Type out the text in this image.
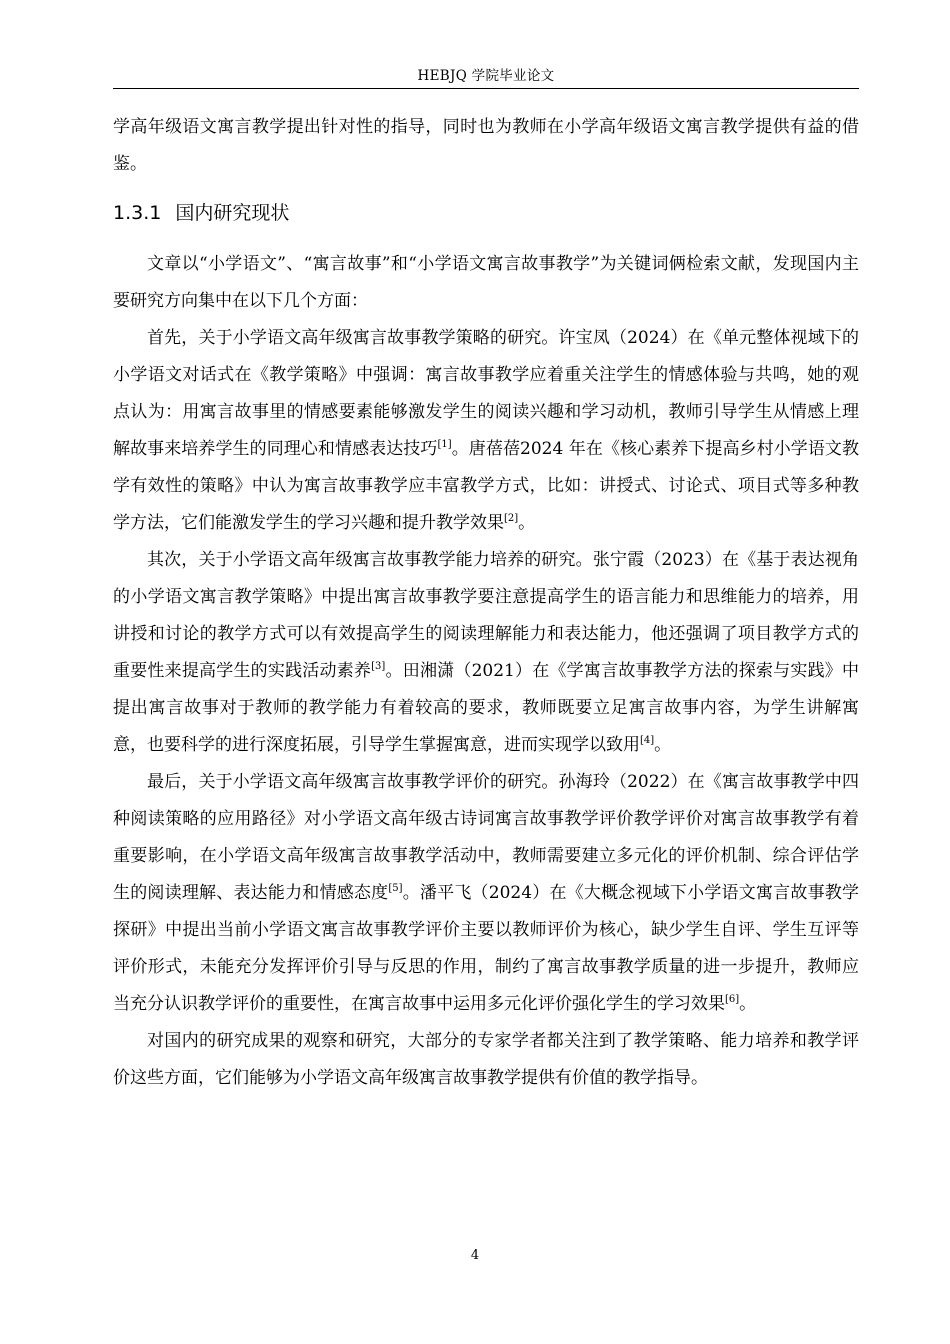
HEBJQ 学院毕业论文

学高年级语文寓言教学提出针对性的指导，同时也为教师在小学高年级语文寓言教学提供有益的借鉴。

1.3.1 国内研究现状

文章以“小学语文”、“寓言故事”和“小学语文寓言故事教学”为关键词俩检索文献，发现国内主要研究方向集中在以下几个方面：

首先，关于小学语文高年级寓言故事教学策略的研究。许宝凤（2024）在《单元整体视域下的小学语文对话式在《教学策略》中强调：寓言故事教学应着重关注学生的情感体验与共鸣，她的观点认为：用寓言故事里的情感要素能够激发学生的阅读兴趣和学习动机，教师引导学生从情感上理解故事来培养学生的同理心和情感表达技巧[1]。唐蓓蓓2024 年在《核心素养下提高乡村小学语文教学有效性的策略》中认为寓言故事教学应丰富教学方式，比如：讲授式、讨论式、项目式等多种教学方法，它们能激发学生的学习兴趣和提升教学效果[2]。

其次，关于小学语文高年级寓言故事教学能力培养的研究。张宁霞（2023）在《基于表达视角的小学语文寓言教学策略》中提出寓言故事教学要注意提高学生的语言能力和思维能力的培养，用讲授和讨论的教学方式可以有效提高学生的阅读理解能力和表达能力，他还强调了项目教学方式的重要性来提高学生的实践活动素养[3]。田湘潇（2021）在《学寓言故事教学方法的探索与实践》中提出寓言故事对于教师的教学能力有着较高的要求，教师既要立足寓言故事内容，为学生讲解寓意，也要科学的进行深度拓展，引导学生掌握寓意，进而实现学以致用[4]。

最后，关于小学语文高年级寓言故事教学评价的研究。孙海玲（2022）在《寓言故事教学中四种阅读策略的应用路径》对小学语文高年级古诗词寓言故事教学评价教学评价对寓言故事教学有着重要影响，在小学语文高年级寓言故事教学活动中，教师需要建立多元化的评价机制、综合评估学生的阅读理解、表达能力和情感态度[5]。潘平飞（2024）在《大概念视域下小学语文寓言故事教学探研》中提出当前小学语文寓言故事教学评价主要以教师评价为核心，缺少学生自评、学生互评等评价形式，未能充分发挥评价引导与反思的作用，制约了寓言故事教学质量的进一步提升，教师应当充分认识教学评价的重要性，在寓言故事中运用多元化评价强化学生的学习效果[6]。

对国内的研究成果的观察和研究，大部分的专家学者都关注到了教学策略、能力培养和教学评价这些方面，它们能够为小学语文高年级寓言故事教学提供有价值的教学指导。

4
